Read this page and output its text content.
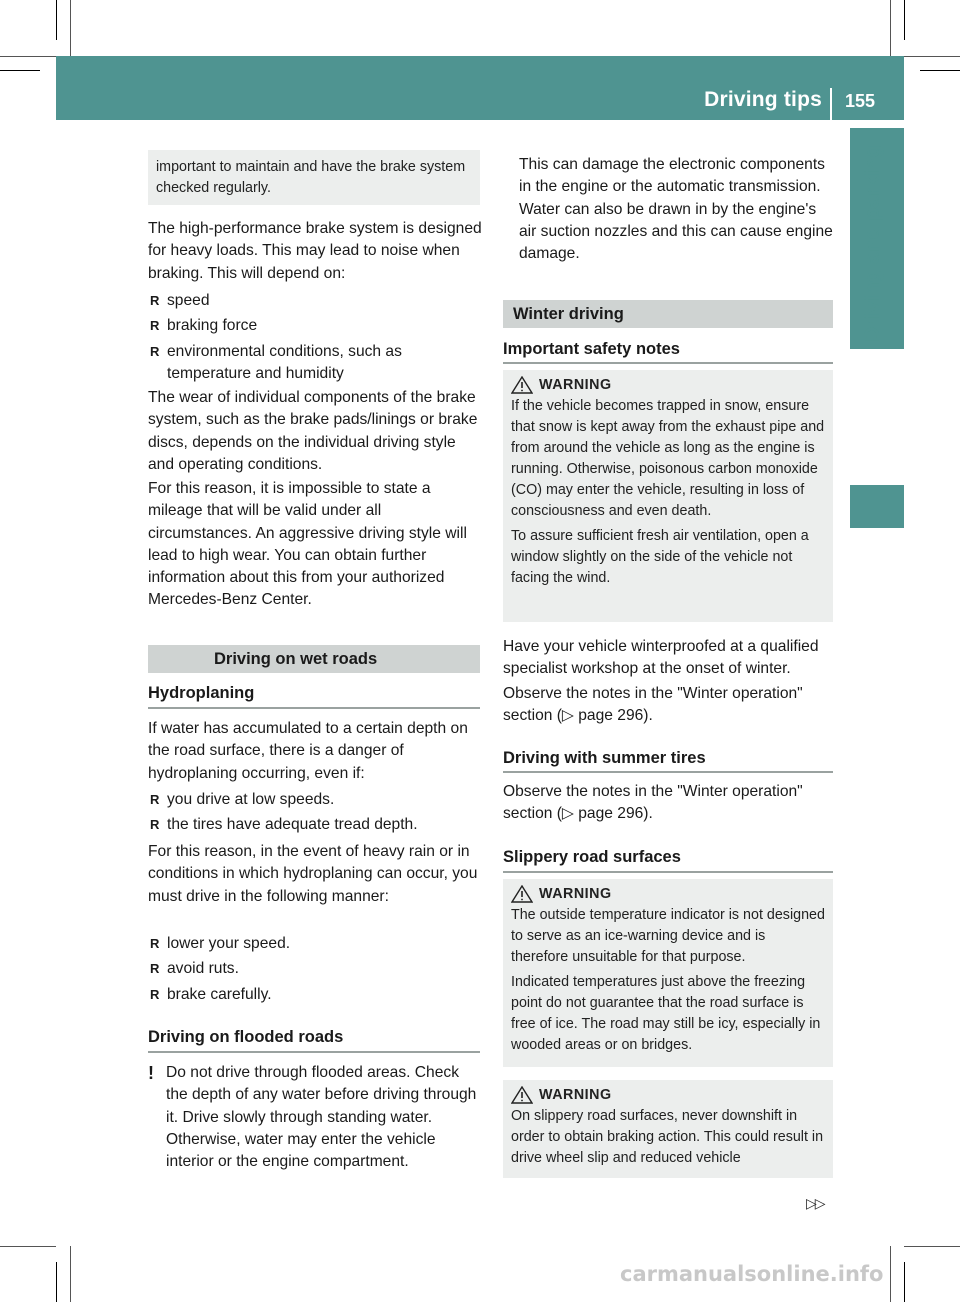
Driving tips 155
Driving and parking
important to maintain and have the brake system checked regularly.

The high-performance brake system is designed for heavy loads. This may lead to noise when braking. This will depend on:

R speed
R braking force
R environmental conditions, such as temperature and humidity

The wear of individual components of the brake system, such as the brake pads/linings or brake discs, depends on the individual driving style and operating conditions.

For this reason, it is impossible to state a mileage that will be valid under all circumstances. An aggressive driving style will lead to high wear. You can obtain further information about this from your authorized Mercedes-Benz Center.

Driving on wet roads
Hydroplaning

If water has accumulated to a certain depth on the road surface, there is a danger of hydroplaning occurring, even if:

R you drive at low speeds.
R the tires have adequate tread depth.

For this reason, in the event of heavy rain or in conditions in which hydroplaning can occur, you must drive in the following manner:

R lower your speed.
R avoid ruts.
R brake carefully.
Driving on flooded roads
! Do not drive through flooded areas. Check the depth of any water before driving through it. Drive slowly through standing water. Otherwise, water may enter the vehicle interior or the engine compartment.

This can damage the electronic components in the engine or the automatic transmission. Water can also be drawn in by the engine's air suction nozzles and this can cause engine damage.

Winter driving
Important safety notes
WARNING
If the vehicle becomes trapped in snow, ensure that snow is kept away from the exhaust pipe and from around the vehicle as long as the engine is running. Otherwise, poisonous carbon monoxide (CO) may enter the vehicle, resulting in loss of consciousness and even death.
To assure sufficient fresh air ventilation, open a window slightly on the side of the vehicle not facing the wind.

Have your vehicle winterproofed at a qualified specialist workshop at the onset of winter.

Observe the notes in the "Winter operation" section (▷ page 296).

Driving with summer tires

Observe the notes in the "Winter operation" section (▷ page 296).

Slippery road surfaces
WARNING
The outside temperature indicator is not designed to serve as an ice-warning device and is therefore unsuitable for that purpose.
Indicated temperatures just above the freezing point do not guarantee that the road surface is free of ice. The road may still be icy, especially in wooded areas or on bridges.
WARNING
On slippery road surfaces, never downshift in order to obtain braking action. This could result in drive wheel slip and reduced vehicle
▷▷
carmanualsonline.info
